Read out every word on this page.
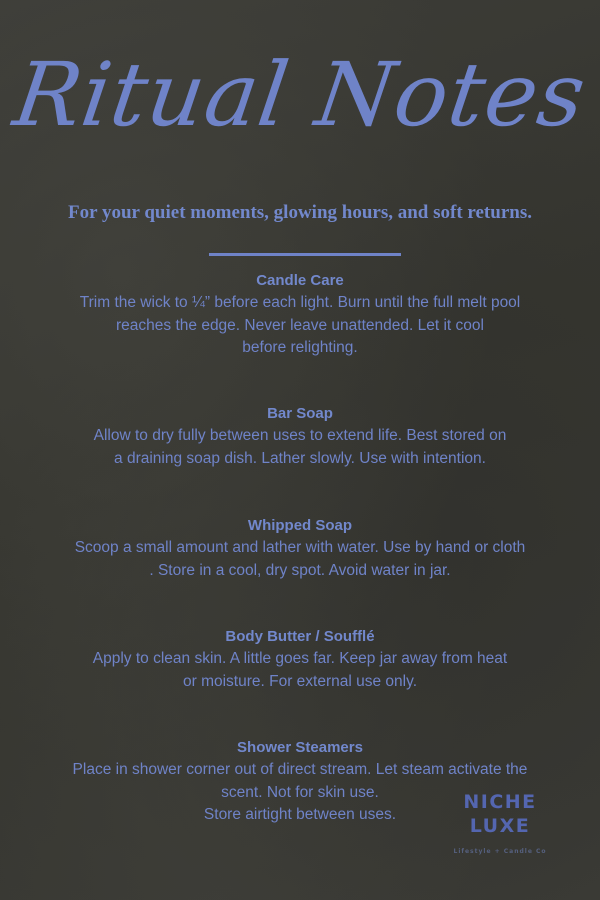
Ritual Notes
For your quiet moments, glowing hours, and soft returns.
Candle Care
Trim the wick to ¼” before each light. Burn until the full melt pool
reaches the edge. Never leave unattended. Let it cool
before relighting.
Bar Soap
Allow to dry fully between uses to extend life. Best stored on
a draining soap dish. Lather slowly. Use with intention.
Whipped Soap
Scoop a small amount and lather with water. Use by hand or cloth
. Store in a cool, dry spot. Avoid water in jar.
Body Butter / Soufflé
Apply to clean skin. A little goes far. Keep jar away from heat
or moisture. For external use only.
Shower Steamers
Place in shower corner out of direct stream. Let steam activate the
scent. Not for skin use.
Store airtight between uses.
NICHE
LUXE
Lifestyle + Candle Co
